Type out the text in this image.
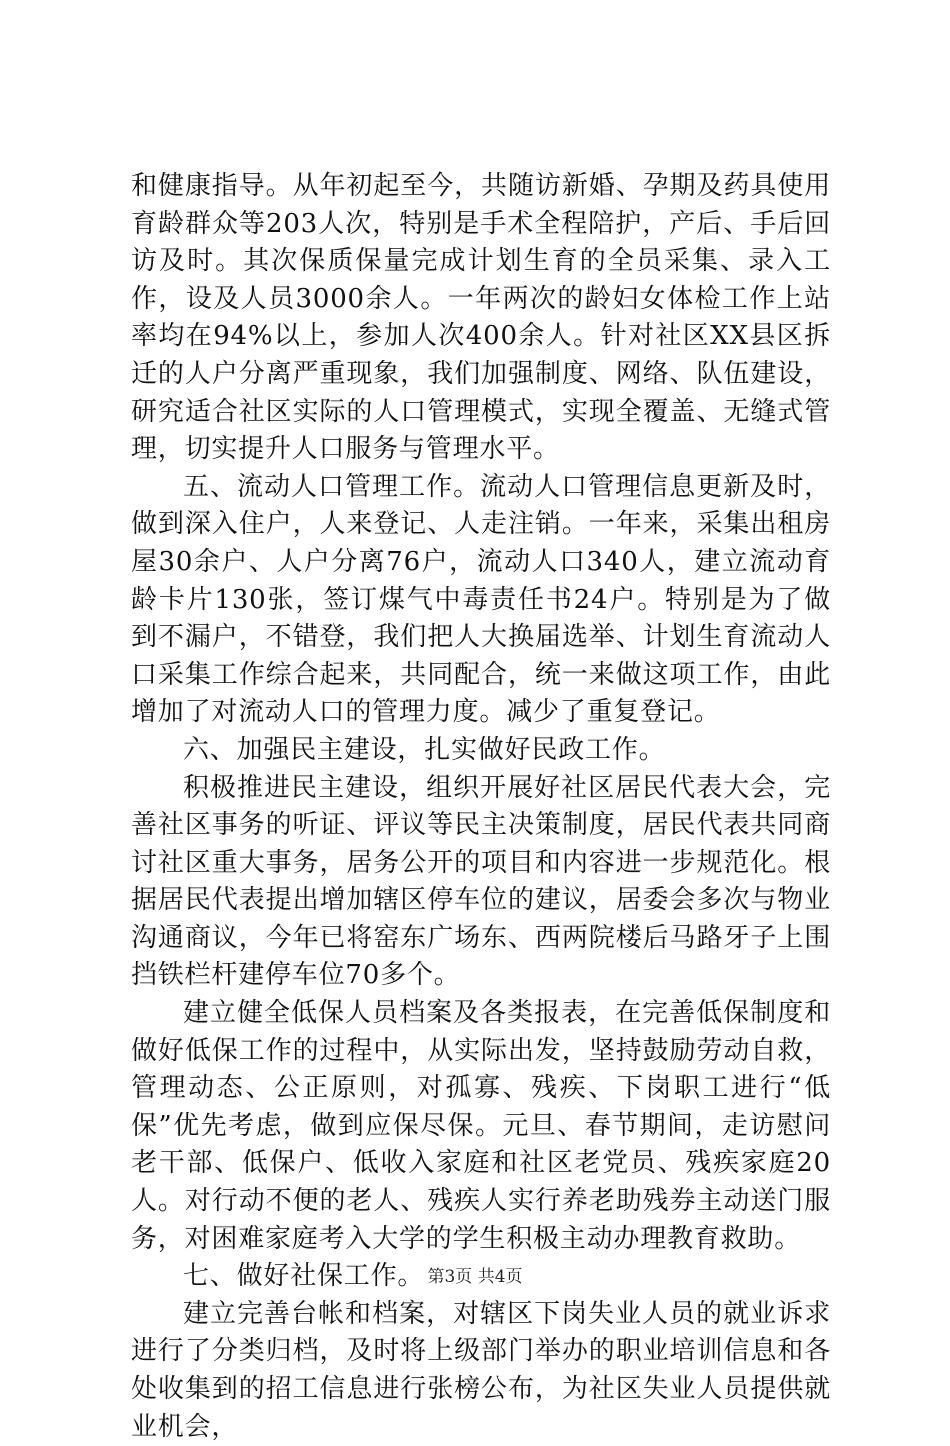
和健康指导。从年初起至今，共随访新婚、孕期及药具使用育龄群众等203人次，特别是手术全程陪护，产后、手后回访及时。其次保质保量完成计划生育的全员采集、录入工作，设及人员3000余人。一年两次的龄妇女体检工作上站率均在94%以上，参加人次400余人。针对社区XX县区拆迁的人户分离严重现象，我们加强制度、网络、队伍建设，研究适合社区实际的人口管理模式，实现全覆盖、无缝式管理，切实提升人口服务与管理水平。

五、流动人口管理工作。流动人口管理信息更新及时，做到深入住户，人来登记、人走注销。一年来，采集出租房屋30余户、人户分离76户，流动人口340人，建立流动育龄卡片130张，签订煤气中毒责任书24户。特别是为了做到不漏户，不错登，我们把人大换届选举、计划生育流动人口采集工作综合起来，共同配合，统一来做这项工作，由此增加了对流动人口的管理力度。减少了重复登记。

六、加强民主建设，扎实做好民政工作。

积极推进民主建设，组织开展好社区居民代表大会，完善社区事务的听证、评议等民主决策制度，居民代表共同商讨社区重大事务，居务公开的项目和内容进一步规范化。根据居民代表提出增加辖区停车位的建议，居委会多次与物业沟通商议，今年已将窑东广场东、西两院楼后马路牙子上围挡铁栏杆建停车位70多个。

建立健全低保人员档案及各类报表，在完善低保制度和做好低保工作的过程中，从实际出发，坚持鼓励劳动自救，管理动态、公正原则，对孤寡、残疾、下岗职工进行“低保”优先考虑，做到应保尽保。元旦、春节期间，走访慰问老干部、低保户、低收入家庭和社区老党员、残疾家庭20人。对行动不便的老人、残疾人实行养老助残券主动送门服务，对困难家庭考入大学的学生积极主动办理教育救助。

七、做好社保工作。

建立完善台帐和档案，对辖区下岗失业人员的就业诉求进行了分类归档，及时将上级部门举办的职业培训信息和各处收集到的招工信息进行张榜公布，为社区失业人员提供就业机会，

第3页 共4页
